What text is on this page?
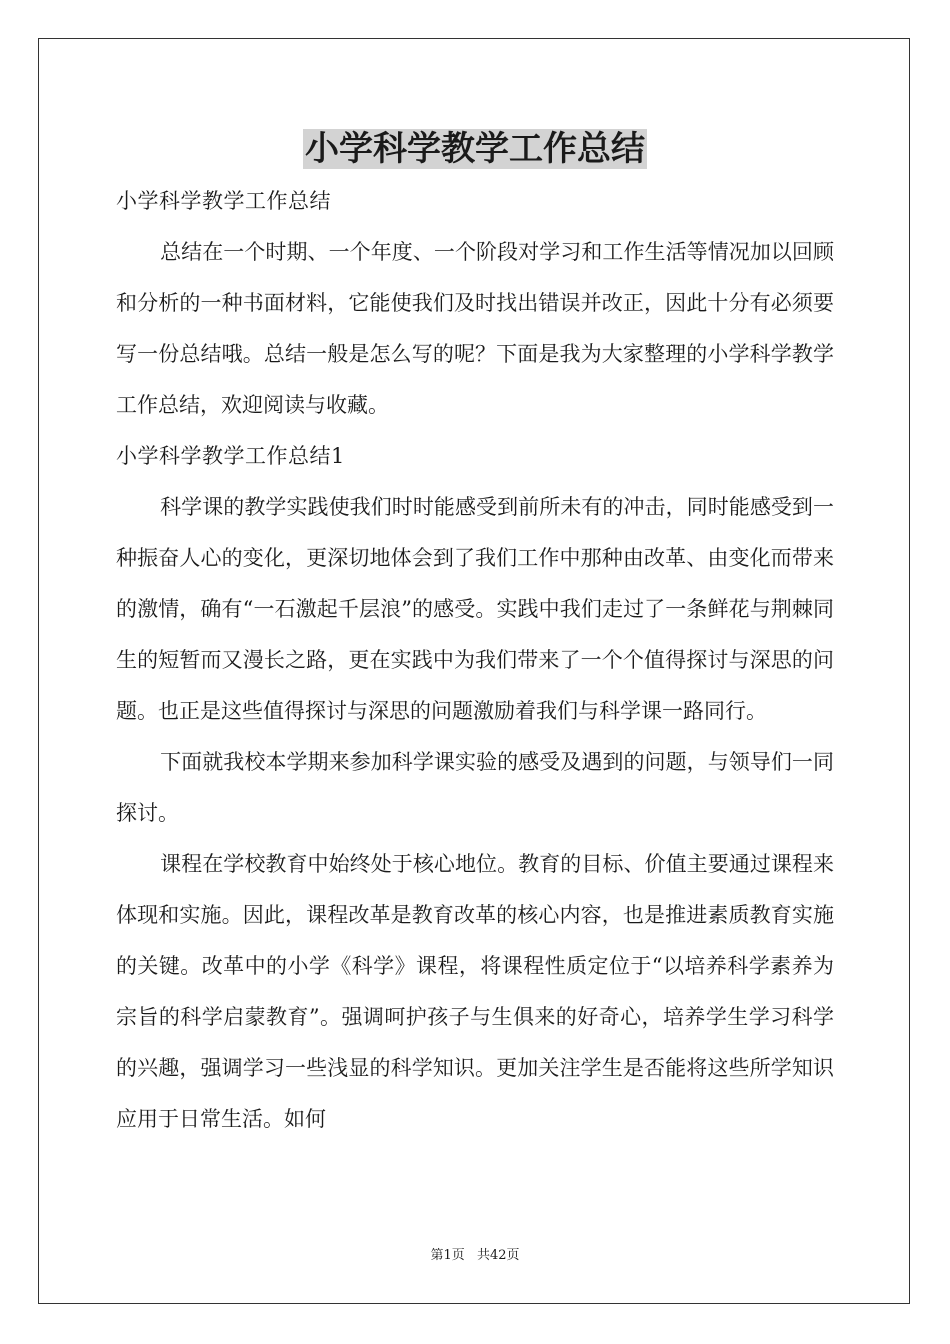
小学科学教学工作总结

小学科学教学工作总结

总结在一个时期、一个年度、一个阶段对学习和工作生活等情况加以回顾和分析的一种书面材料，它能使我们及时找出错误并改正，因此十分有必须要写一份总结哦。总结一般是怎么写的呢？下面是我为大家整理的小学科学教学工作总结，欢迎阅读与收藏。

小学科学教学工作总结1

科学课的教学实践使我们时时能感受到前所未有的冲击，同时能感受到一种振奋人心的变化，更深切地体会到了我们工作中那种由改革、由变化而带来的激情，确有“一石激起千层浪”的感受。实践中我们走过了一条鲜花与荆棘同生的短暂而又漫长之路，更在实践中为我们带来了一个个值得探讨与深思的问题。也正是这些值得探讨与深思的问题激励着我们与科学课一路同行。

下面就我校本学期来参加科学课实验的感受及遇到的问题，与领导们一同探讨。

课程在学校教育中始终处于核心地位。教育的目标、价值主要通过课程来体现和实施。因此，课程改革是教育改革的核心内容，也是推进素质教育实施的关键。改革中的小学《科学》课程，将课程性质定位于“以培养科学素养为宗旨的科学启蒙教育”。强调呵护孩子与生俱来的好奇心，培养学生学习科学的兴趣，强调学习一些浅显的科学知识。更加关注学生是否能将这些所学知识应用于日常生活。如何

第1页 共42页
